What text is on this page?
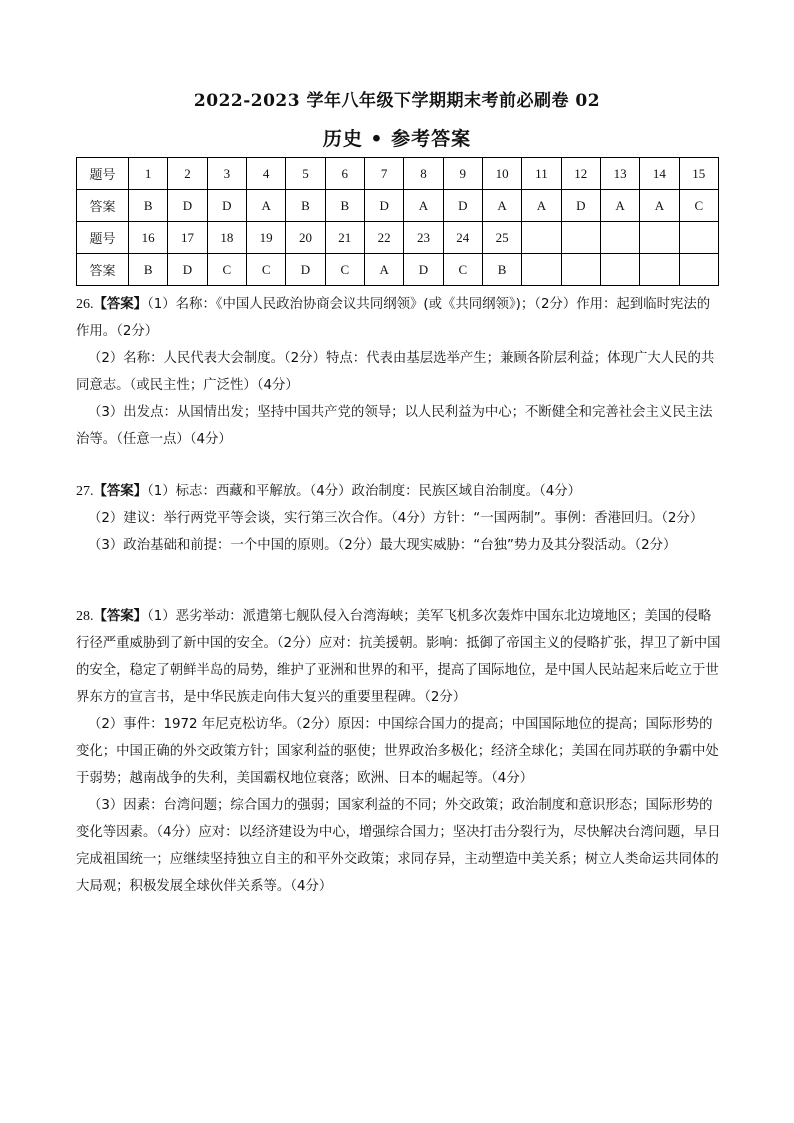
2022-2023 学年八年级下学期期末考前必刷卷 02
历史 • 参考答案
题号	1	2	3	4	5	6	7	8	9	10	11	12	13	14	15
答案	B	D	D	A	B	B	D	A	D	A	A	D	A	A	C
题号	16	17	18	19	20	21	22	23	24	25					
答案	B	D	C	C	D	C	A	D	C	B					

26.【答案】（1）名称：《中国人民政治协商会议共同纲领》(或《共同纲领》)；（2分）作用：起到临时宪法的作用。（2分）

（2）名称：人民代表大会制度。（2分）特点：代表由基层选举产生；兼顾各阶层利益；体现广大人民的共同意志。（或民主性；广泛性）（4分）

（3）出发点：从国情出发；坚持中国共产党的领导；以人民利益为中心；不断健全和完善社会主义民主法治等。（任意一点）（4分）

27.【答案】（1）标志：西藏和平解放。（4分）政治制度：民族区域自治制度。（4分）

（2）建议：举行两党平等会谈，实行第三次合作。（4分）方针：“一国两制”。事例：香港回归。（2分）

（3）政治基础和前提：一个中国的原则。（2分）最大现实威胁：“台独”势力及其分裂活动。（2分）

28.【答案】（1）恶劣举动：派遣第七舰队侵入台湾海峡；美军飞机多次轰炸中国东北边境地区；美国的侵略行径严重威胁到了新中国的安全。（2分）应对：抗美援朝。影响：抵御了帝国主义的侵略扩张，捍卫了新中国的安全，稳定了朝鲜半岛的局势，维护了亚洲和世界的和平，提高了国际地位，是中国人民站起来后屹立于世界东方的宣言书，是中华民族走向伟大复兴的重要里程碑。（2分）

（2）事件：1972 年尼克松访华。（2分）原因：中国综合国力的提高；中国国际地位的提高；国际形势的变化；中国正确的外交政策方针；国家利益的驱使；世界政治多极化；经济全球化；美国在同苏联的争霸中处于弱势；越南战争的失利，美国霸权地位衰落；欧洲、日本的崛起等。（4分）

（3）因素：台湾问题；综合国力的强弱；国家利益的不同；外交政策；政治制度和意识形态；国际形势的变化等因素。（4分）应对：以经济建设为中心，增强综合国力；坚决打击分裂行为，尽快解决台湾问题，早日完成祖国统一；应继续坚持独立自主的和平外交政策；求同存异，主动塑造中美关系；树立人类命运共同体的大局观；积极发展全球伙伴关系等。（4分）
